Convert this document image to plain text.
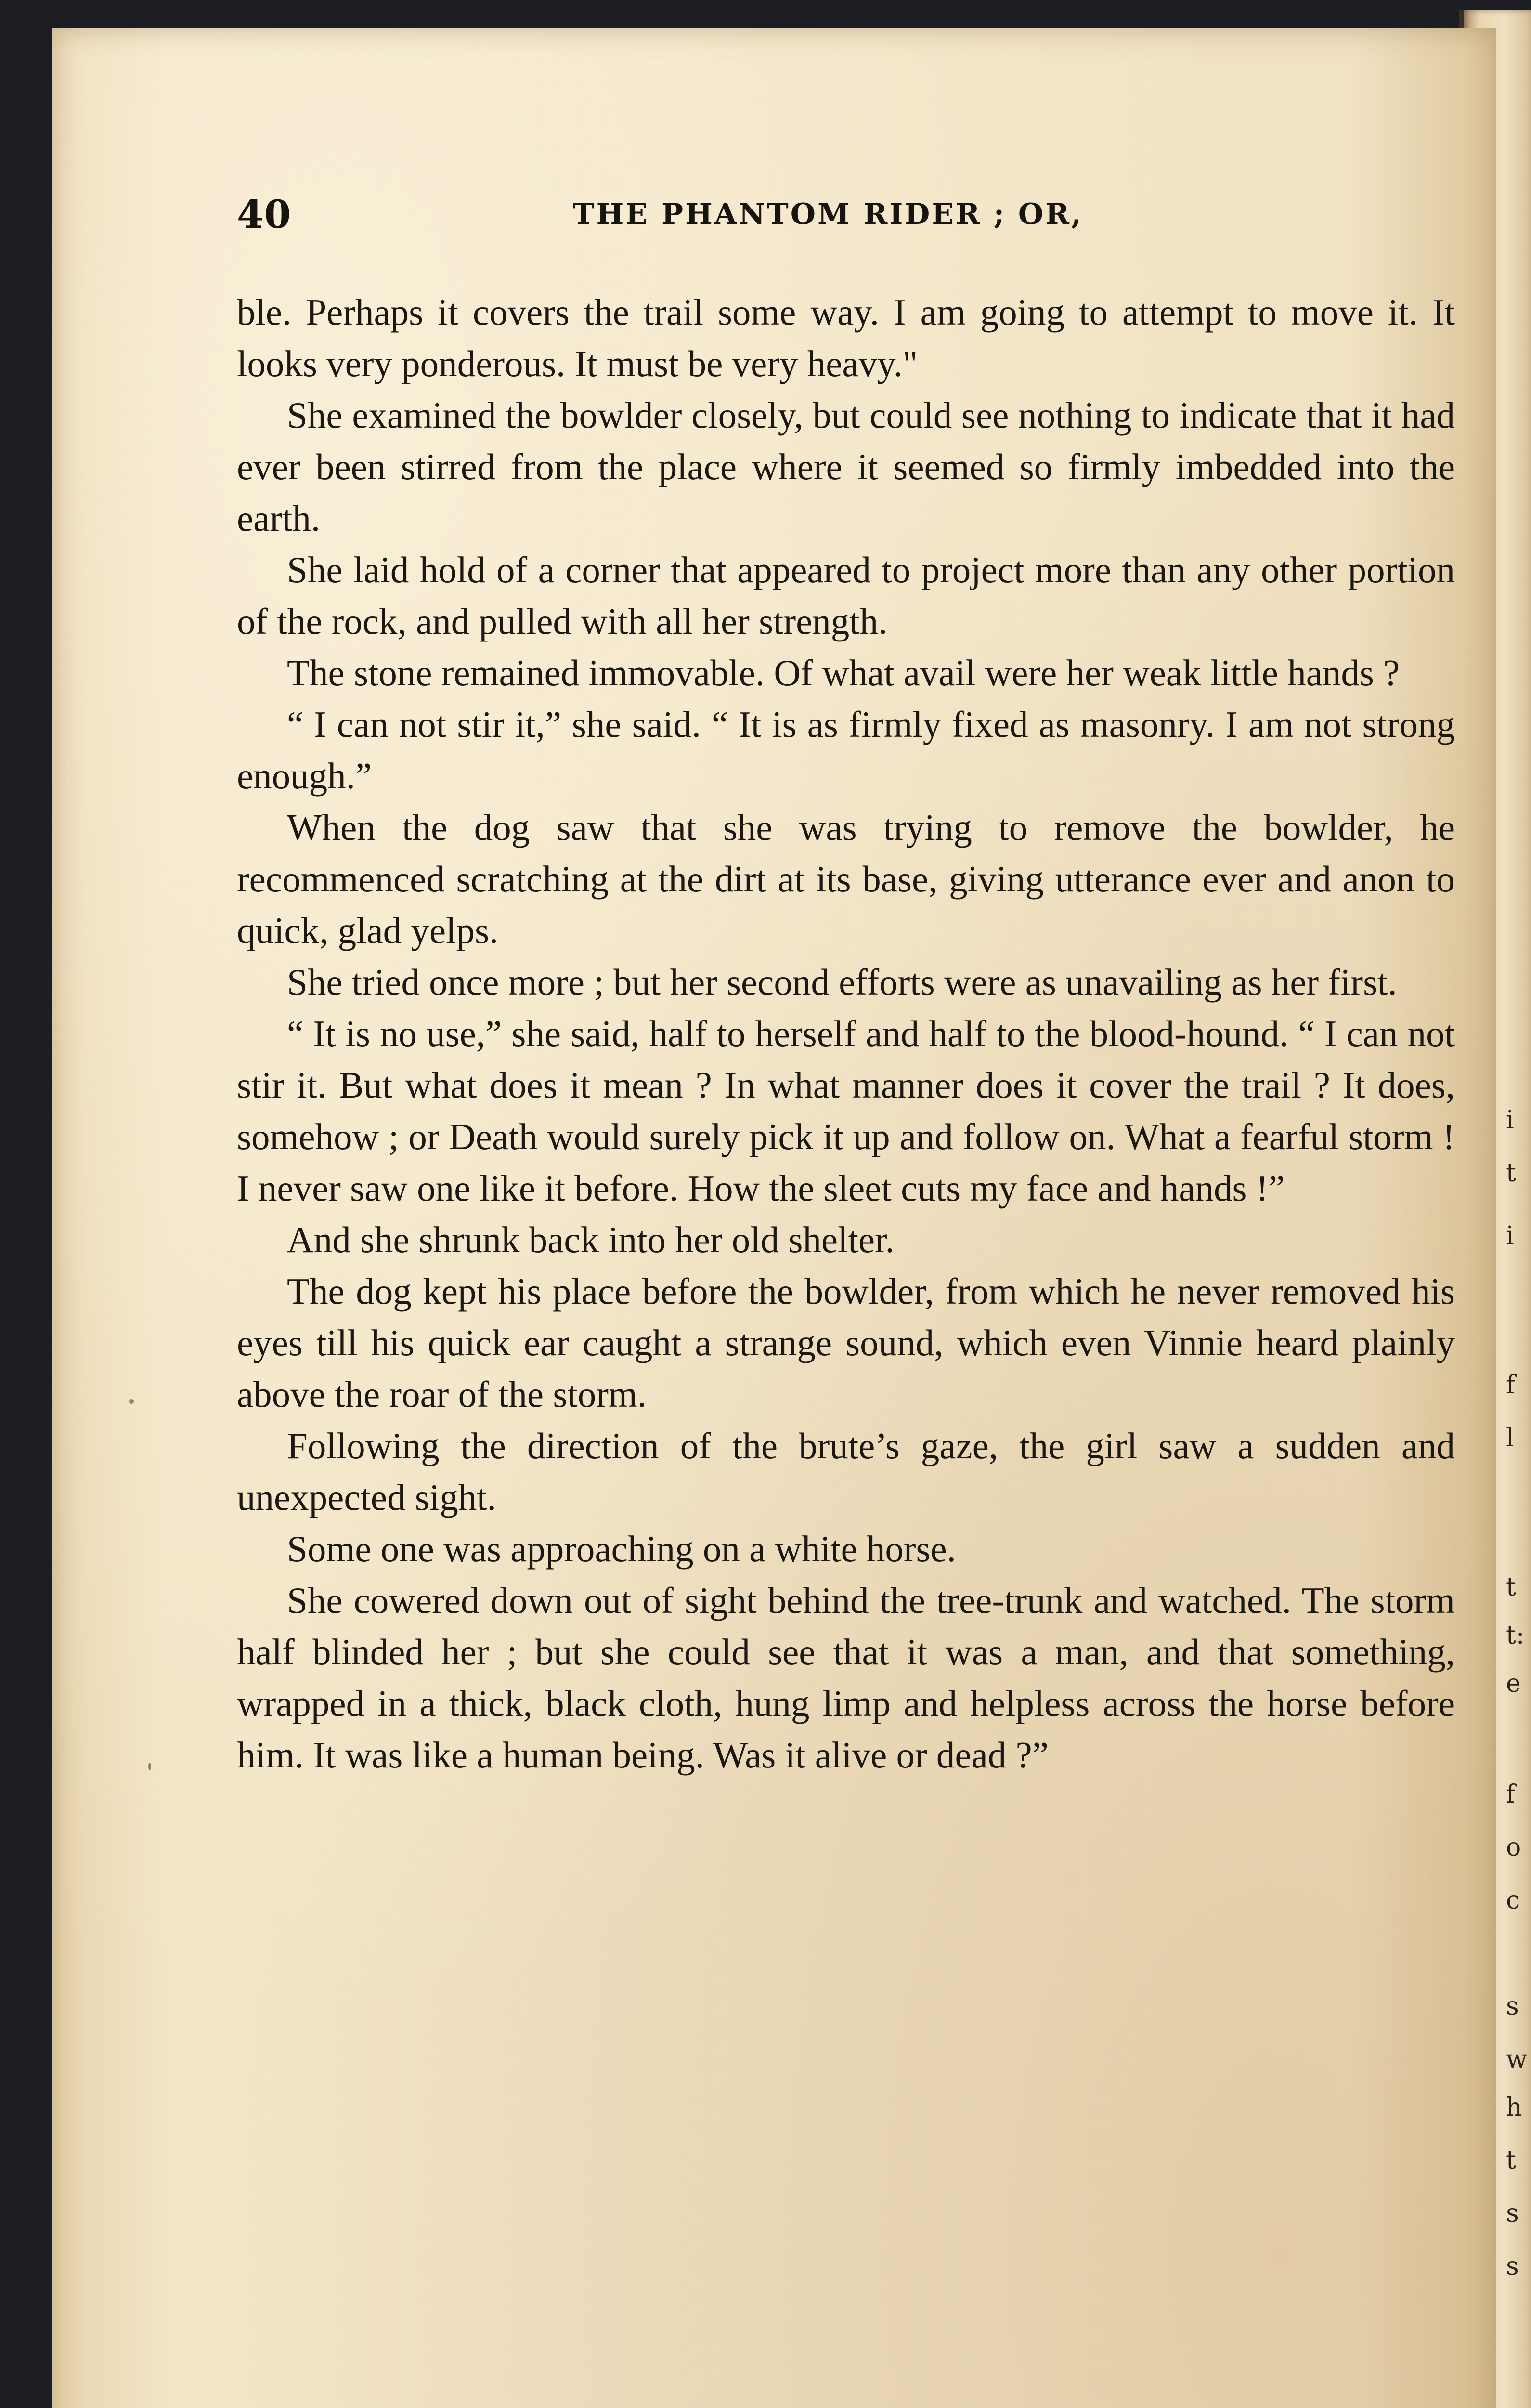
i
t
i
f
l
t
t:
e
f
o
c
s
w
h
t
s
s
40	THE PHANTOM RIDER ; OR,

ble. Perhaps it covers the trail some way. I am going to attempt to move it. It looks very ponderous. It must be very heavy."

She examined the bowlder closely, but could see nothing to indicate that it had ever been stirred from the place where it seemed so firmly imbedded into the earth.

She laid hold of a corner that appeared to project more than any other portion of the rock, and pulled with all her strength.

The stone remained immovable. Of what avail were her weak little hands ?

“ I can not stir it,” she said. “ It is as firmly fixed as masonry. I am not strong enough.”

When the dog saw that she was trying to remove the bowlder, he recommenced scratching at the dirt at its base, giving utterance ever and anon to quick, glad yelps.

She tried once more ; but her second efforts were as unavailing as her first.

“ It is no use,” she said, half to herself and half to the blood-hound. “ I can not stir it. But what does it mean ? In what manner does it cover the trail ? It does, somehow ; or Death would surely pick it up and follow on. What a fearful storm ! I never saw one like it before. How the sleet cuts my face and hands !”

And she shrunk back into her old shelter.

The dog kept his place before the bowlder, from which he never removed his eyes till his quick ear caught a strange sound, which even Vinnie heard plainly above the roar of the storm.

Following the direction of the brute’s gaze, the girl saw a sudden and unexpected sight.

Some one was approaching on a white horse.

She cowered down out of sight behind the tree-trunk and watched. The storm half blinded her ; but she could see that it was a man, and that something, wrapped in a thick, black cloth, hung limp and helpless across the horse before him. It was like a human being. Was it alive or dead ?”
